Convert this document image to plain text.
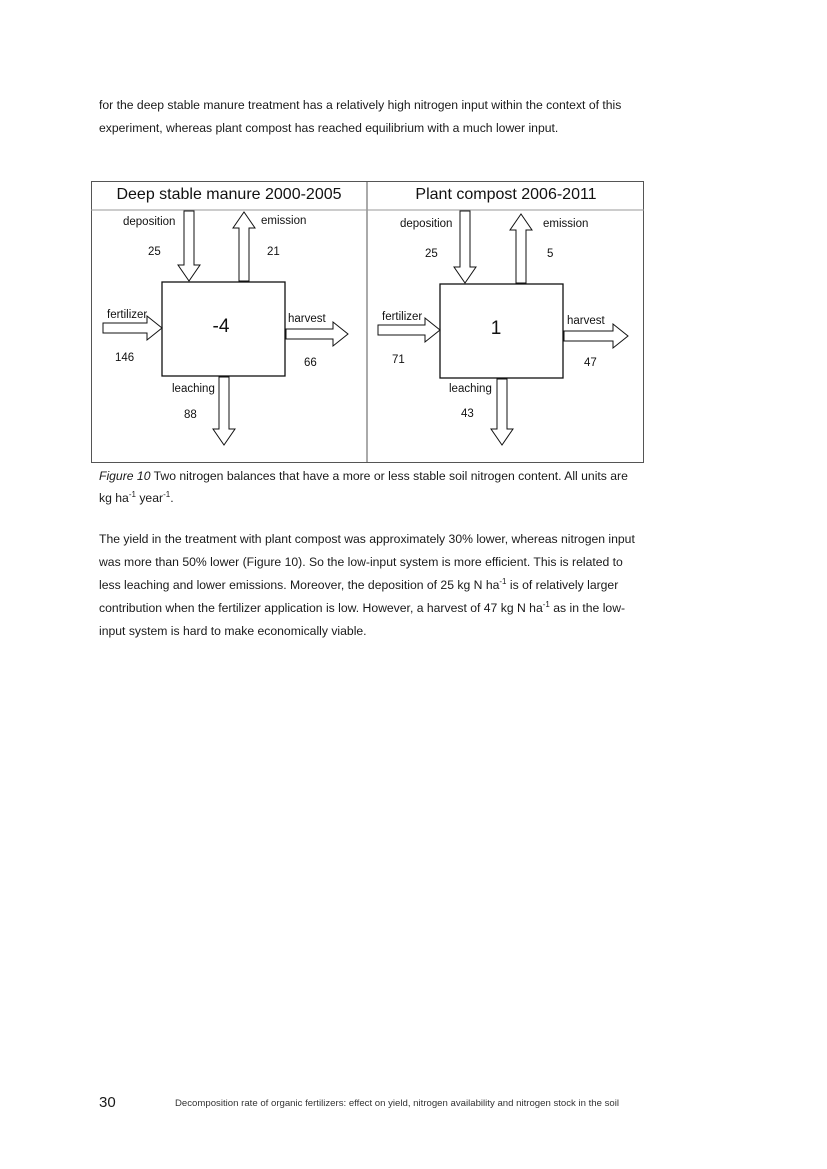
for the deep stable manure treatment has a relatively high nitrogen input within the context of this
experiment, whereas plant compost has reached equilibrium with a much lower input.

Deep stable manure 2000-2005
-4
deposition
25
emission
21
fertilizer
146
harvest
66
leaching
88
Plant compost 2006-2011
1
deposition
25
emission
5
fertilizer
71
harvest
47
leaching
43

Figure 10 Two nitrogen balances that have a more or less stable soil nitrogen content. All units are
kg $ha^{-1}$ year$^{-1}$.

The yield in the treatment with plant compost was approximately 30% lower, whereas nitrogen input
was more than 50% lower (Figure 10). So the low-input system is more efficient. This is related to
less leaching and lower emissions. Moreover, the deposition of 25 kg N $ha^{-1}$ is of relatively larger
contribution when the fertilizer application is low. However, a harvest of 47 kg N $ha^{-1}$ as in the low-
input system is hard to make economically viable.

30	Decomposition rate of organic fertilizers: effect on yield, nitrogen availability and nitrogen stock in the soil
